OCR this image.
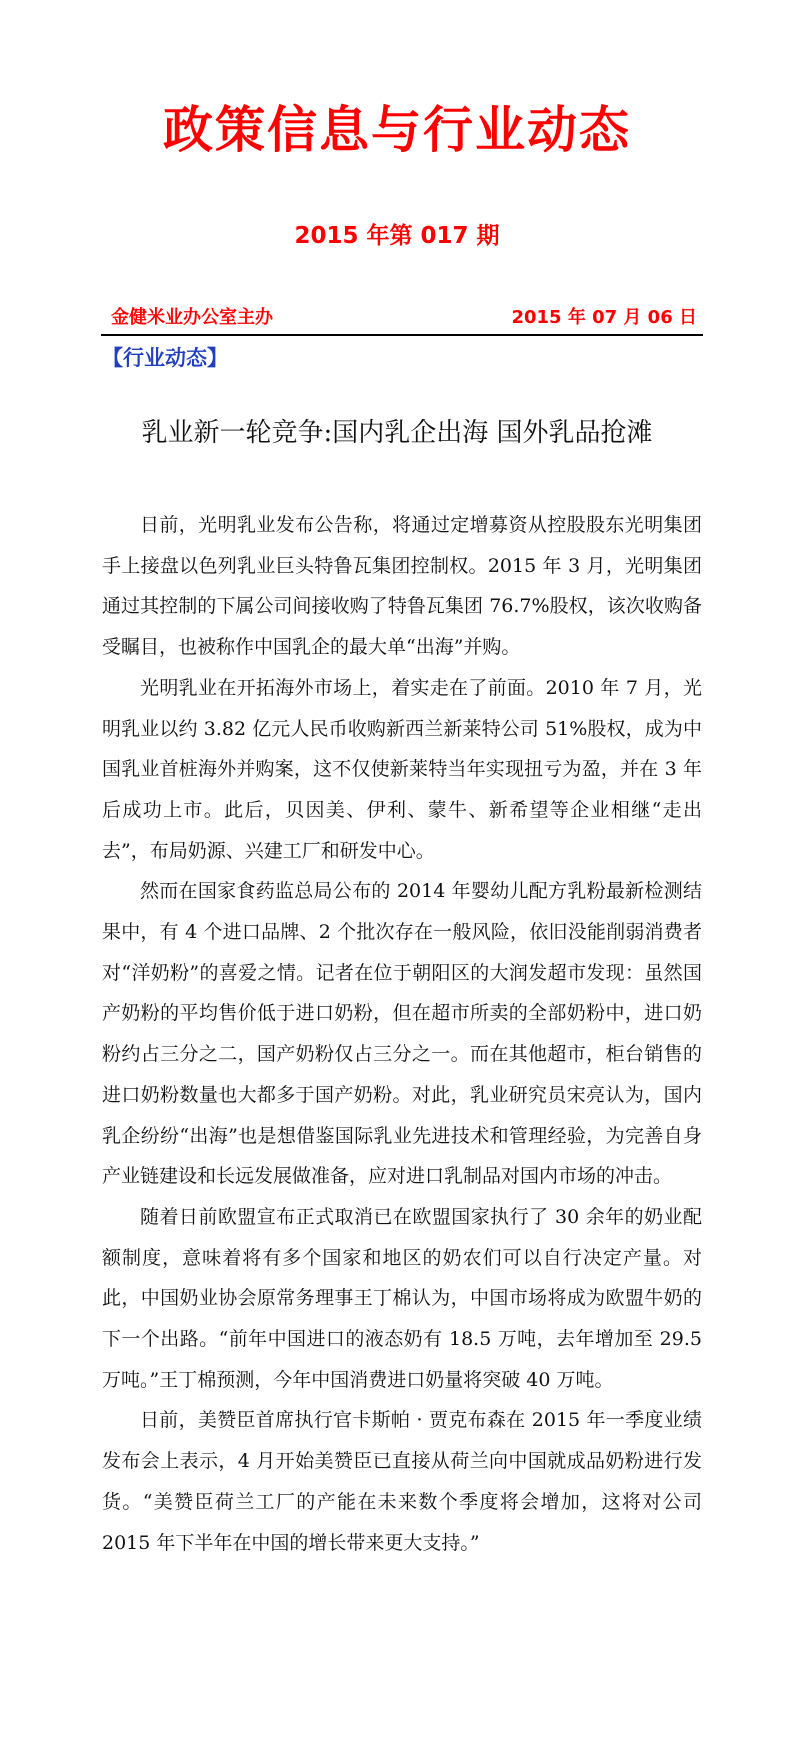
政策信息与行业动态
2015 年第 017 期
金健米业办公室主办	2015 年 07 月 06 日
【行业动态】
乳业新一轮竞争:国内乳企出海 国外乳品抢滩

日前，光明乳业发布公告称，将通过定增募资从控股股东光明集团手上接盘以色列乳业巨头特鲁瓦集团控制权。2015 年 3 月，光明集团通过其控制的下属公司间接收购了特鲁瓦集团 76.7%股权，该次收购备受瞩目，也被称作中国乳企的最大单“出海”并购。

光明乳业在开拓海外市场上，着实走在了前面。2010 年 7 月，光明乳业以约 3.82 亿元人民币收购新西兰新莱特公司 51%股权，成为中国乳业首桩海外并购案，这不仅使新莱特当年实现扭亏为盈，并在 3 年后成功上市。此后，贝因美、伊利、蒙牛、新希望等企业相继“走出去”，布局奶源、兴建工厂和研发中心。

然而在国家食药监总局公布的 2014 年婴幼儿配方乳粉最新检测结果中，有 4 个进口品牌、2 个批次存在一般风险，依旧没能削弱消费者对“洋奶粉”的喜爱之情。记者在位于朝阳区的大润发超市发现：虽然国产奶粉的平均售价低于进口奶粉，但在超市所卖的全部奶粉中，进口奶粉约占三分之二，国产奶粉仅占三分之一。而在其他超市，柜台销售的进口奶粉数量也大都多于国产奶粉。对此，乳业研究员宋亮认为，国内乳企纷纷“出海”也是想借鉴国际乳业先进技术和管理经验，为完善自身产业链建设和长远发展做准备，应对进口乳制品对国内市场的冲击。

随着日前欧盟宣布正式取消已在欧盟国家执行了 30 余年的奶业配额制度，意味着将有多个国家和地区的奶农们可以自行决定产量。对此，中国奶业协会原常务理事王丁棉认为，中国市场将成为欧盟牛奶的下一个出路。“前年中国进口的液态奶有 18.5 万吨，去年增加至 29.5 万吨。”王丁棉预测，今年中国消费进口奶量将突破 40 万吨。

日前，美赞臣首席执行官卡斯帕 · 贾克布森在 2015 年一季度业绩发布会上表示，4 月开始美赞臣已直接从荷兰向中国就成品奶粉进行发货。“美赞臣荷兰工厂的产能在未来数个季度将会增加，这将对公司 2015 年下半年在中国的增长带来更大支持。”
